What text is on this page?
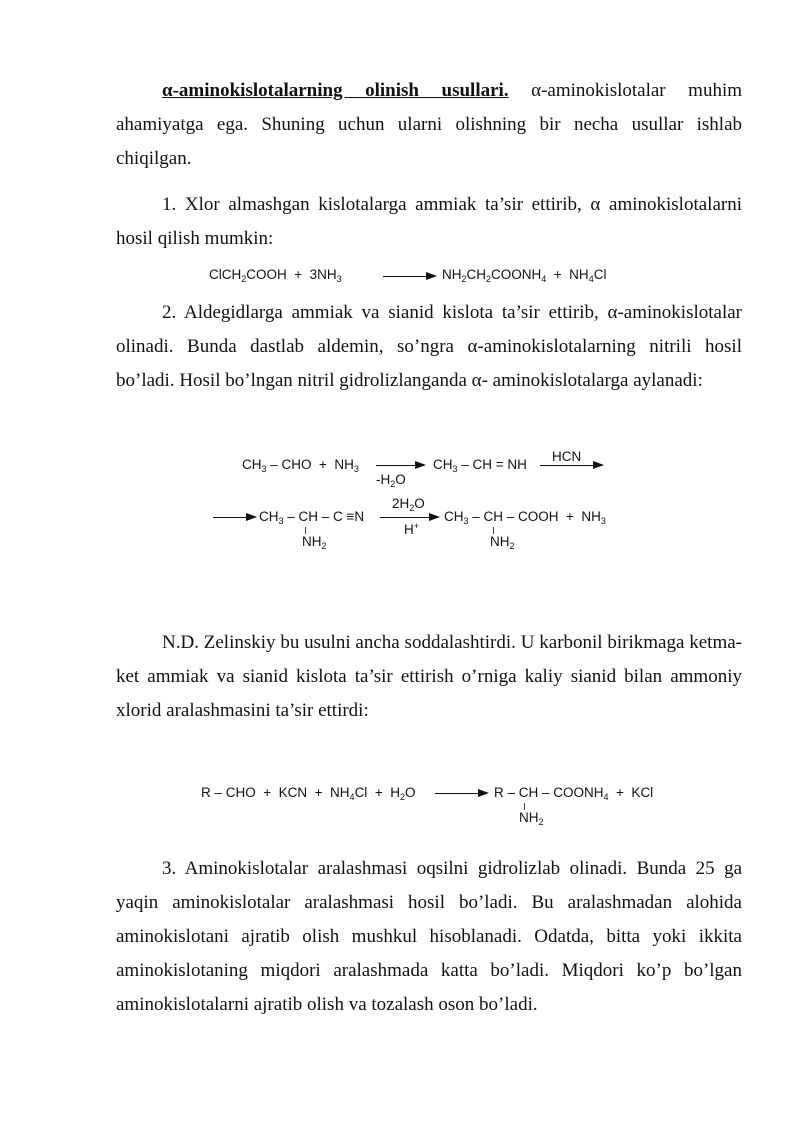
α-aminokislotalarning olinish usullari. α-aminokislotalar muhim ahamiyatga ega. Shuning uchun ularni olishning bir necha usullar ishlab chiqilgan.

1. Xlor almashgan kislotalarga ammiak ta’sir ettirib, α aminokislotalarni hosil qilish mumkin:

ClCH$_2$COOH  +  $3NH_3$	$NH_2CH_2COONH_4 + NH_4Cl$

2. Aldegidlarga ammiak va sianid kislota ta’sir ettirib, α-aminokislotalar olinadi. Bunda dastlab aldemin, so’ngra α-aminokislotalarning nitrili hosil bo’ladi. Hosil bo’lngan nitril gidrolizlanganda α- aminokislotalarga aylanadi:

$CH_3$ – CHO  +  $NH_3$
$-H_2O$
$CH_3$ – CH = NH
HCN
$CH_3$ – CH – C ≡N
$NH_2$
$2H_2O$
H+
$CH_3$ – CH – COOH  +  $NH_3$
$NH_2$

N.D. Zelinskiy bu usulni ancha soddalashtirdi. U karbonil birikmaga ketma-ket ammiak va sianid kislota ta’sir ettirish o’rniga kaliy sianid bilan ammoniy xlorid aralashmasini ta’sir ettirdi:

R – CHO  +  KCN  +  $NH_4Cl + H_2O$	R – CH – $COONH_4$  +  KCl
$NH_2$

3. Aminokislotalar aralashmasi oqsilni gidrolizlab olinadi. Bunda 25 ga yaqin aminokislotalar aralashmasi hosil bo’ladi. Bu aralashmadan alohida aminokislotani ajratib olish mushkul hisoblanadi. Odatda, bitta yoki ikkita aminokislotaning miqdori aralashmada katta bo’ladi. Miqdori ko’p bo’lgan aminokislotalarni ajratib olish va tozalash oson bo’ladi.
